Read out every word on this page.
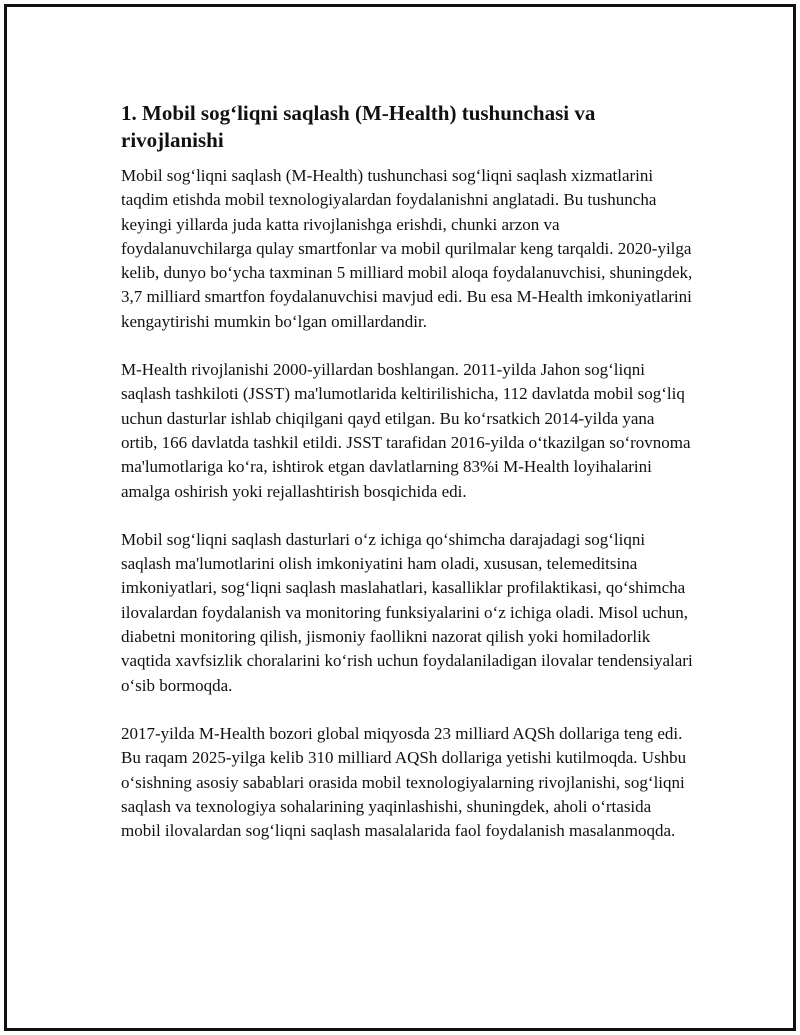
1. Mobil sog‘liqni saqlash (M-Health) tushunchasi va rivojlanishi

Mobil sog‘liqni saqlash (M-Health) tushunchasi sog‘liqni saqlash xizmatlarini taqdim etishda mobil texnologiyalardan foydalanishni anglatadi. Bu tushuncha keyingi yillarda juda katta rivojlanishga erishdi, chunki arzon va foydalanuvchilarga qulay smartfonlar va mobil qurilmalar keng tarqaldi. 2020-yilga kelib, dunyo bo‘ycha taxminan 5 milliard mobil aloqa foydalanuvchisi, shuningdek, 3,7 milliard smartfon foydalanuvchisi mavjud edi. Bu esa M-Health imkoniyatlarini kengaytirishi mumkin bo‘lgan omillardandir.

M-Health rivojlanishi 2000-yillardan boshlangan. 2011-yilda Jahon sog‘liqni saqlash tashkiloti (JSST) ma'lumotlarida keltirilishicha, 112 davlatda mobil sog‘liq uchun dasturlar ishlab chiqilgani qayd etilgan. Bu ko‘rsatkich 2014-yilda yana ortib, 166 davlatda tashkil etildi. JSST tarafidan 2016-yilda o‘tkazilgan so‘rovnoma ma'lumotlariga ko‘ra, ishtirok etgan davlatlarning 83%i M-Health loyihalarini amalga oshirish yoki rejallashtirish bosqichida edi.

Mobil sog‘liqni saqlash dasturlari o‘z ichiga qo‘shimcha darajadagi sog‘liqni saqlash ma'lumotlarini olish imkoniyatini ham oladi, xususan, telemeditsina imkoniyatlari, sog‘liqni saqlash maslahatlari, kasalliklar profilaktikasi, qo‘shimcha ilovalardan foydalanish va monitoring funksiyalarini o‘z ichiga oladi. Misol uchun, diabetni monitoring qilish, jismoniy faollikni nazorat qilish yoki homiladorlik vaqtida xavfsizlik choralarini ko‘rish uchun foydalaniladigan ilovalar tendensiyalari o‘sib bormoqda.

2017-yilda M-Health bozori global miqyosda 23 milliard AQSh dollariga teng edi. Bu raqam 2025-yilga kelib 310 milliard AQSh dollariga yetishi kutilmoqda. Ushbu o‘sishning asosiy sabablari orasida mobil texnologiyalarning rivojlanishi, sog‘liqni saqlash va texnologiya sohalarining yaqinlashishi, shuningdek, aholi o‘rtasida mobil ilovalardan sog‘liqni saqlash masalalarida faol foydalanish masalanmoqda.
